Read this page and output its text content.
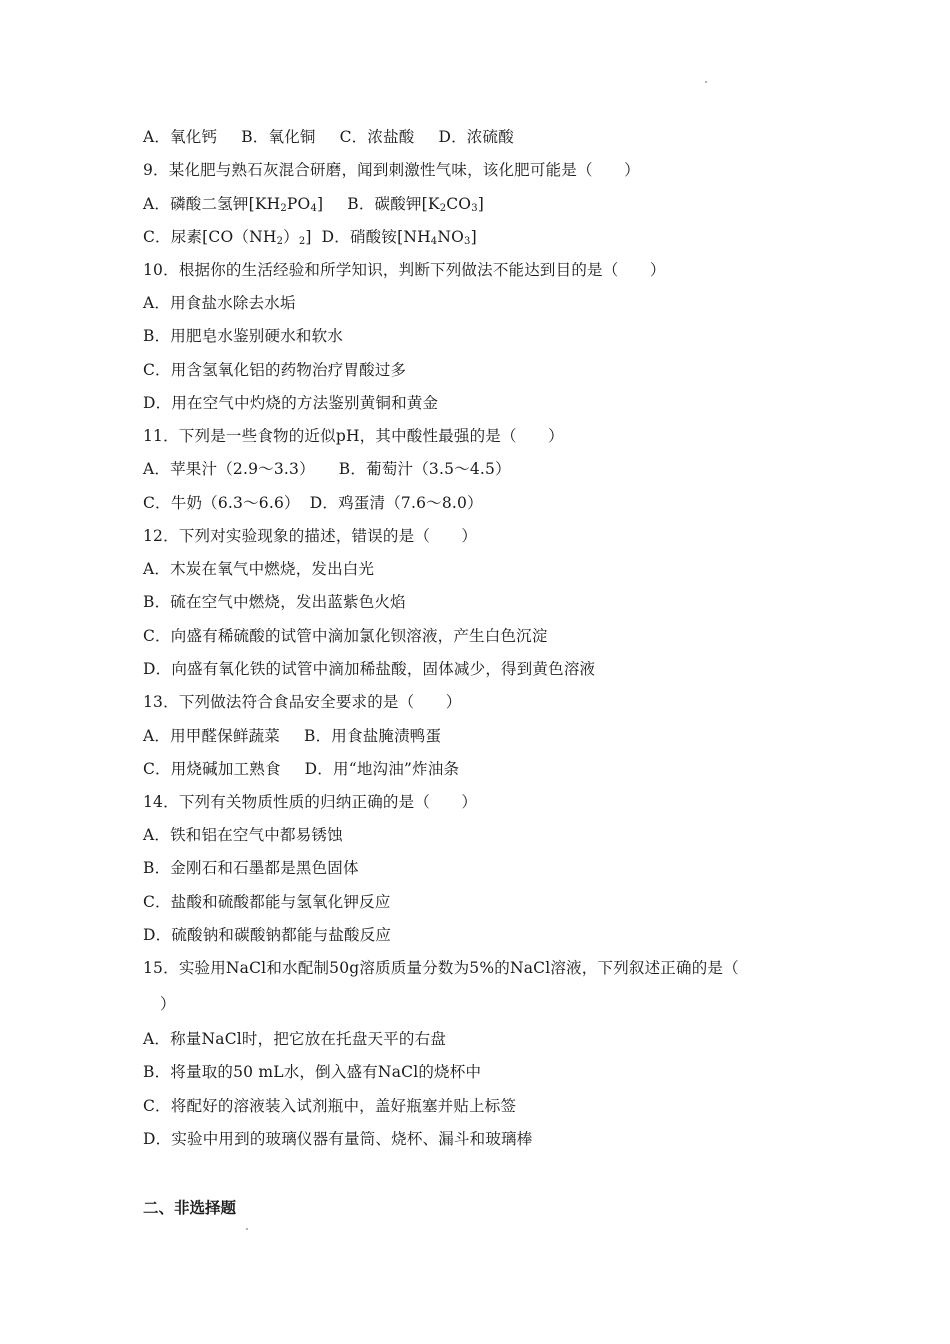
A．氧化钙 B．氧化铜 C．浓盐酸 D．浓硫酸
9．某化肥与熟石灰混合研磨，闻到刺激性气味，该化肥可能是（　　）
A．磷酸二氢钾$[KH_2PO_4]$ B．碳酸钾$[K_2CO_3]$
C．尿素$[CO(NH_2)_2]$ D．硝酸铵$[NH_4NO_3]$
10．根据你的生活经验和所学知识，判断下列做法不能达到目的是（　　）
A．用食盐水除去水垢
B．用肥皂水鉴别硬水和软水
C．用含氢氧化铝的药物治疗胃酸过多
D．用在空气中灼烧的方法鉴别黄铜和黄金
11．下列是一些食物的近似pH，其中酸性最强的是（　　）
A．苹果汁（2.9～3.3） B．葡萄汁（3.5～4.5）
C．牛奶（6.3～6.6） D．鸡蛋清（7.6～8.0）
12．下列对实验现象的描述，错误的是（　　）
A．木炭在氧气中燃烧，发出白光
B．硫在空气中燃烧，发出蓝紫色火焰
C．向盛有稀硫酸的试管中滴加氯化钡溶液，产生白色沉淀
D．向盛有氧化铁的试管中滴加稀盐酸，固体减少，得到黄色溶液
13．下列做法符合食品安全要求的是（　　）
A．用甲醛保鲜蔬菜 B．用食盐腌渍鸭蛋
C．用烧碱加工熟食 D．用“地沟油”炸油条
14．下列有关物质性质的归纳正确的是（　　）
A．铁和铝在空气中都易锈蚀
B．金刚石和石墨都是黑色固体
C．盐酸和硫酸都能与氢氧化钾反应
D．硫酸钠和碳酸钠都能与盐酸反应
15．实验用NaCl和水配制50g溶质质量分数为5%的NaCl溶液，下列叙述正确的是（
）
A．称量NaCl时，把它放在托盘天平的右盘
B．将量取的50 mL水，倒入盛有NaCl的烧杯中
C．将配好的溶液装入试剂瓶中，盖好瓶塞并贴上标签
D．实验中用到的玻璃仪器有量筒、烧杯、漏斗和玻璃棒
二、非选择题
